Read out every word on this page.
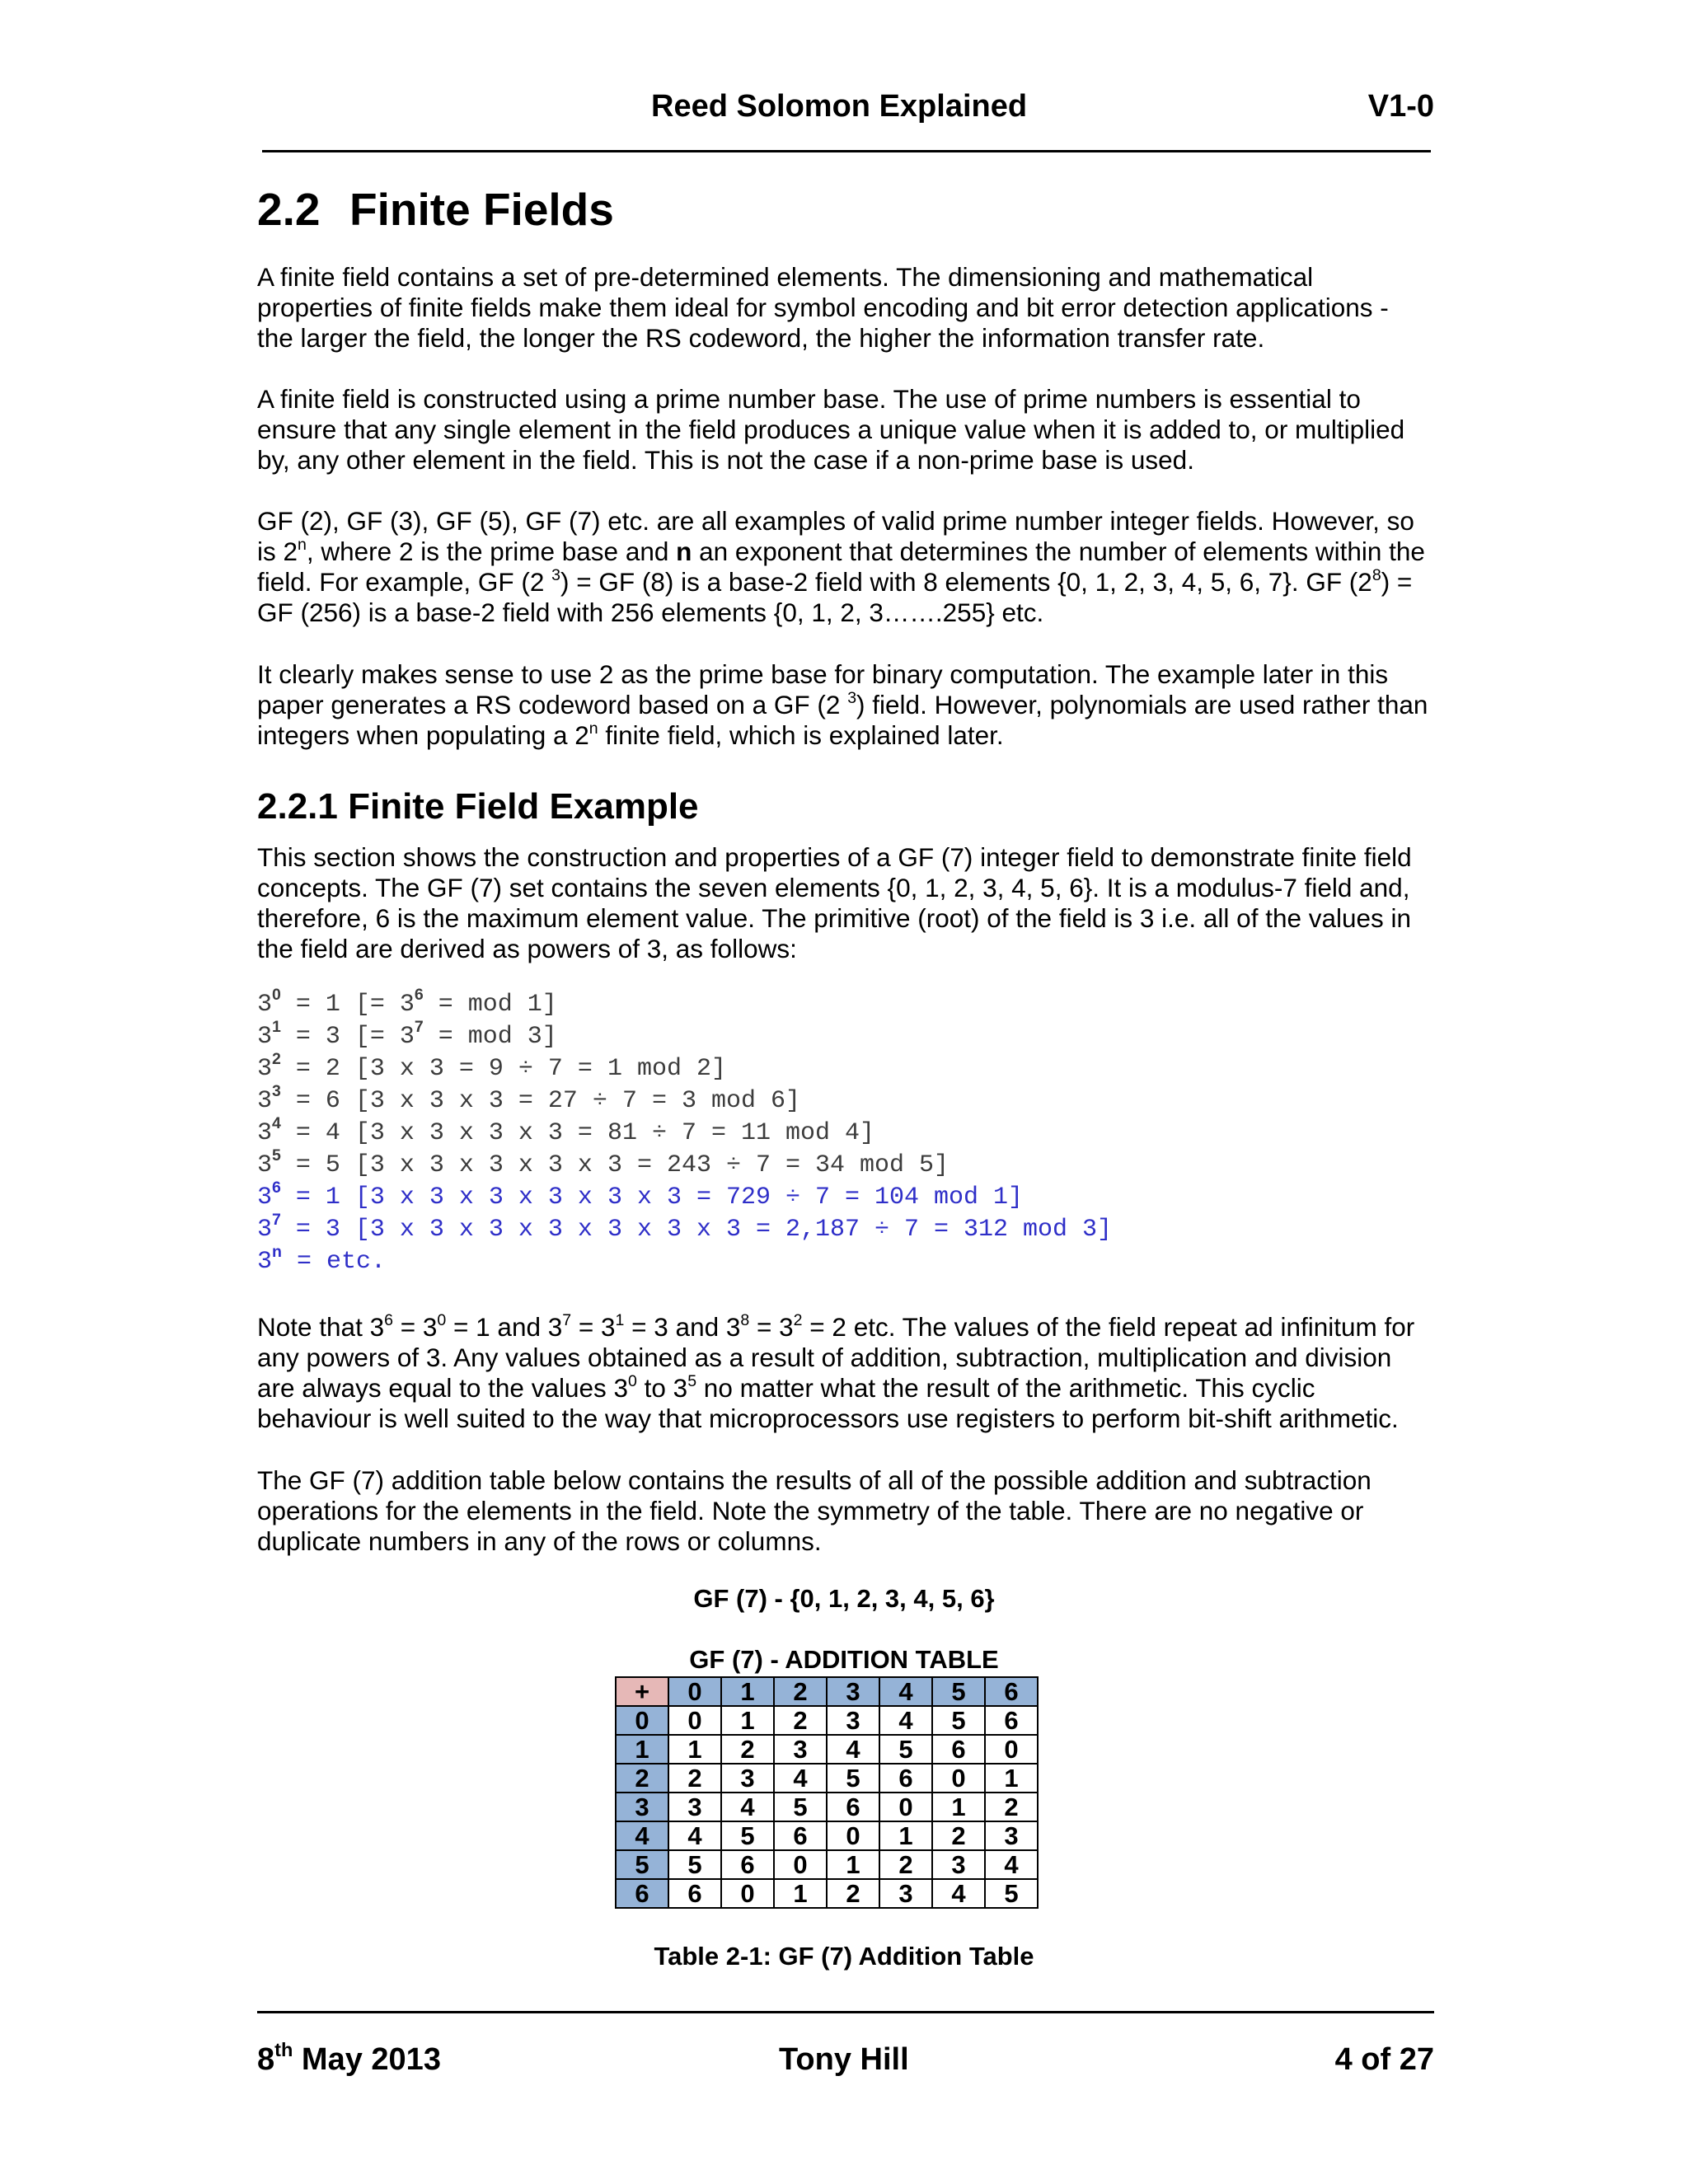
Reed Solomon Explained	V1-0
2.2 Finite Fields
A finite field contains a set of pre-determined elements. The dimensioning and mathematical
properties of finite fields make them ideal for symbol encoding and bit error detection applications -
the larger the field, the longer the RS codeword, the higher the information transfer rate.
A finite field is constructed using a prime number base. The use of prime numbers is essential to
ensure that any single element in the field produces a unique value when it is added to, or multiplied
by, any other element in the field. This is not the case if a non-prime base is used.
GF (2), GF (3), GF (5), GF (7) etc. are all examples of valid prime number integer fields. However, so
is 2$^n$, where 2 is the prime base and n an exponent that determines the number of elements within the
field. For example, GF (2 $^3$) = GF (8) is a base-2 field with 8 elements {0, 1, 2, 3, 4, 5, 6, 7}. GF $(2^8)$ =
GF (256) is a base-2 field with 256 elements {0, 1, 2, 3…….255} etc.
It clearly makes sense to use 2 as the prime base for binary computation. The example later in this
paper generates a RS codeword based on a GF (2 $^3$) field. However, polynomials are used rather than
integers when populating a 2$^n$ finite field, which is explained later.
2.2.1 Finite Field Example
This section shows the construction and properties of a GF (7) integer field to demonstrate finite field
concepts. The GF (7) set contains the seven elements {0, 1, 2, 3, 4, 5, 6}. It is a modulus-7 field and,
therefore, 6 is the maximum element value. The primitive (root) of the field is 3 i.e. all of the values in
the field are derived as powers of 3, as follows:
$3^0 = 1$ [= $3^6$ = mod 1]
$3^1 = 3$ [= $3^7$ = mod 3]
$3^2 = 2$ [3 x 3 = 9 ÷ 7 = 1 mod 2]
$3^3 = 6$ [3 x 3 x 3 = 27 ÷ 7 = 3 mod 6]
$3^4 = 4$ [3 x 3 x 3 x 3 = 81 ÷ 7 = 11 mod 4]
$3^5 = 5$ [3 x 3 x 3 x 3 x 3 = 243 ÷ 7 = 34 mod 5]
$3^6 = 1$ [3 x 3 x 3 x 3 x 3 x 3 = 729 ÷ 7 = 104 mod 1]
$3^7 = 3$ [3 x 3 x 3 x 3 x 3 x 3 x 3 = 2,187 ÷ 7 = 312 mod 3]
$3^n$ = etc.
Note that $3^6 = 3^0 = 1$ and $3^7 = 3^1 = 3$ and $3^8 = 3^2 = 2$ etc. The values of the field repeat ad infinitum for
any powers of 3. Any values obtained as a result of addition, subtraction, multiplication and division
are always equal to the values $3^0$ to $3^5$ no matter what the result of the arithmetic. This cyclic
behaviour is well suited to the way that microprocessors use registers to perform bit-shift arithmetic.
The GF (7) addition table below contains the results of all of the possible addition and subtraction
operations for the elements in the field. Note the symmetry of the table. There are no negative or
duplicate numbers in any of the rows or columns.
GF (7) - {0, 1, 2, 3, 4, 5, 6}
GF (7) - ADDITION TABLE
+	0	1	2	3	4	5	6
0	0	1	2	3	4	5	6
1	1	2	3	4	5	6	0
2	2	3	4	5	6	0	1
3	3	4	5	6	0	1	2
4	4	5	6	0	1	2	3
5	5	6	0	1	2	3	4
6	6	0	1	2	3	4	5
Table 2-1: GF (7) Addition Table
8th May 2013	Tony Hill	4 of 27
